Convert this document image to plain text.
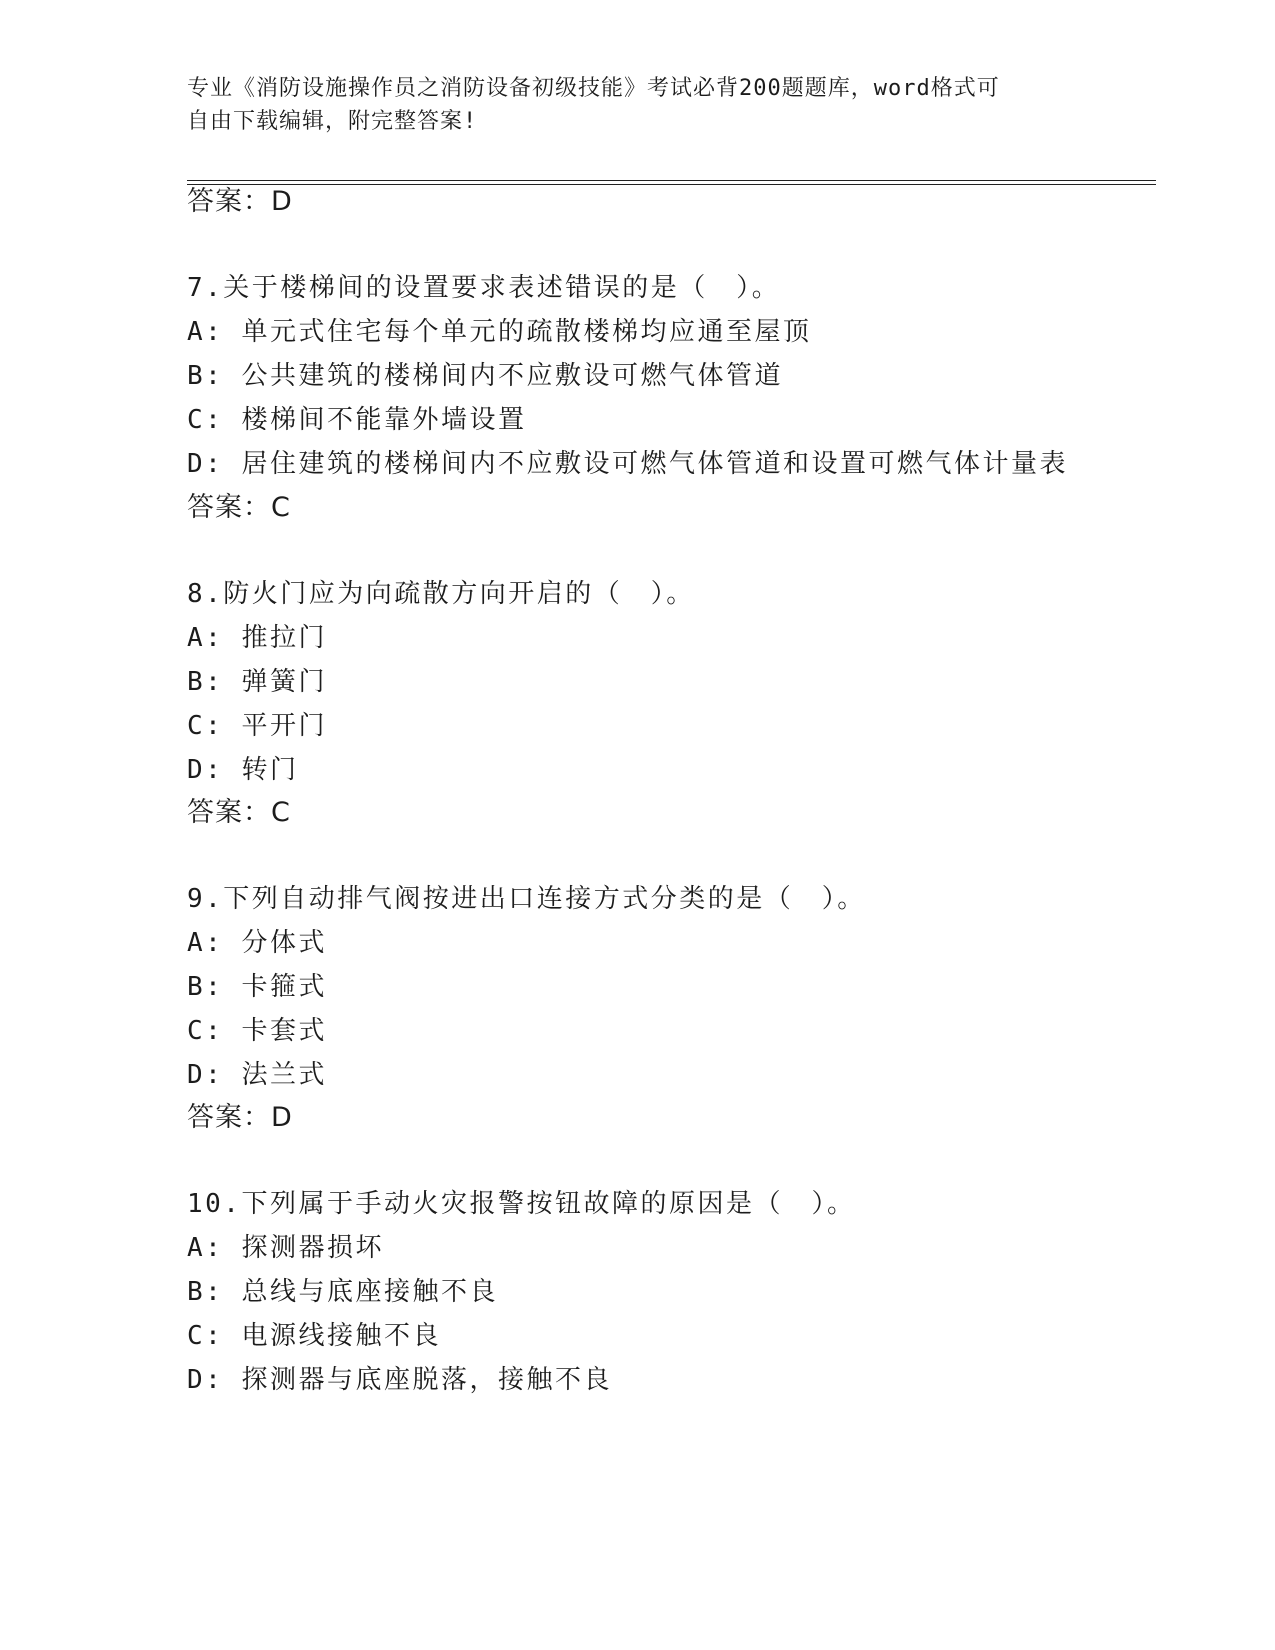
专业《消防设施操作员之消防设备初级技能》考试必背200题题库，word格式可
自由下载编辑，附完整答案!
答案：D
7.关于楼梯间的设置要求表述错误的是（　）。
A: 单元式住宅每个单元的疏散楼梯均应通至屋顶
B: 公共建筑的楼梯间内不应敷设可燃气体管道
C: 楼梯间不能靠外墙设置
D: 居住建筑的楼梯间内不应敷设可燃气体管道和设置可燃气体计量表
答案：C
8.防火门应为向疏散方向开启的（　）。
A: 推拉门
B: 弹簧门
C: 平开门
D: 转门
答案：C
9.下列自动排气阀按进出口连接方式分类的是（　）。
A: 分体式
B: 卡箍式
C: 卡套式
D: 法兰式
答案：D
10.下列属于手动火灾报警按钮故障的原因是（　）。
A: 探测器损坏
B: 总线与底座接触不良
C: 电源线接触不良
D: 探测器与底座脱落，接触不良
